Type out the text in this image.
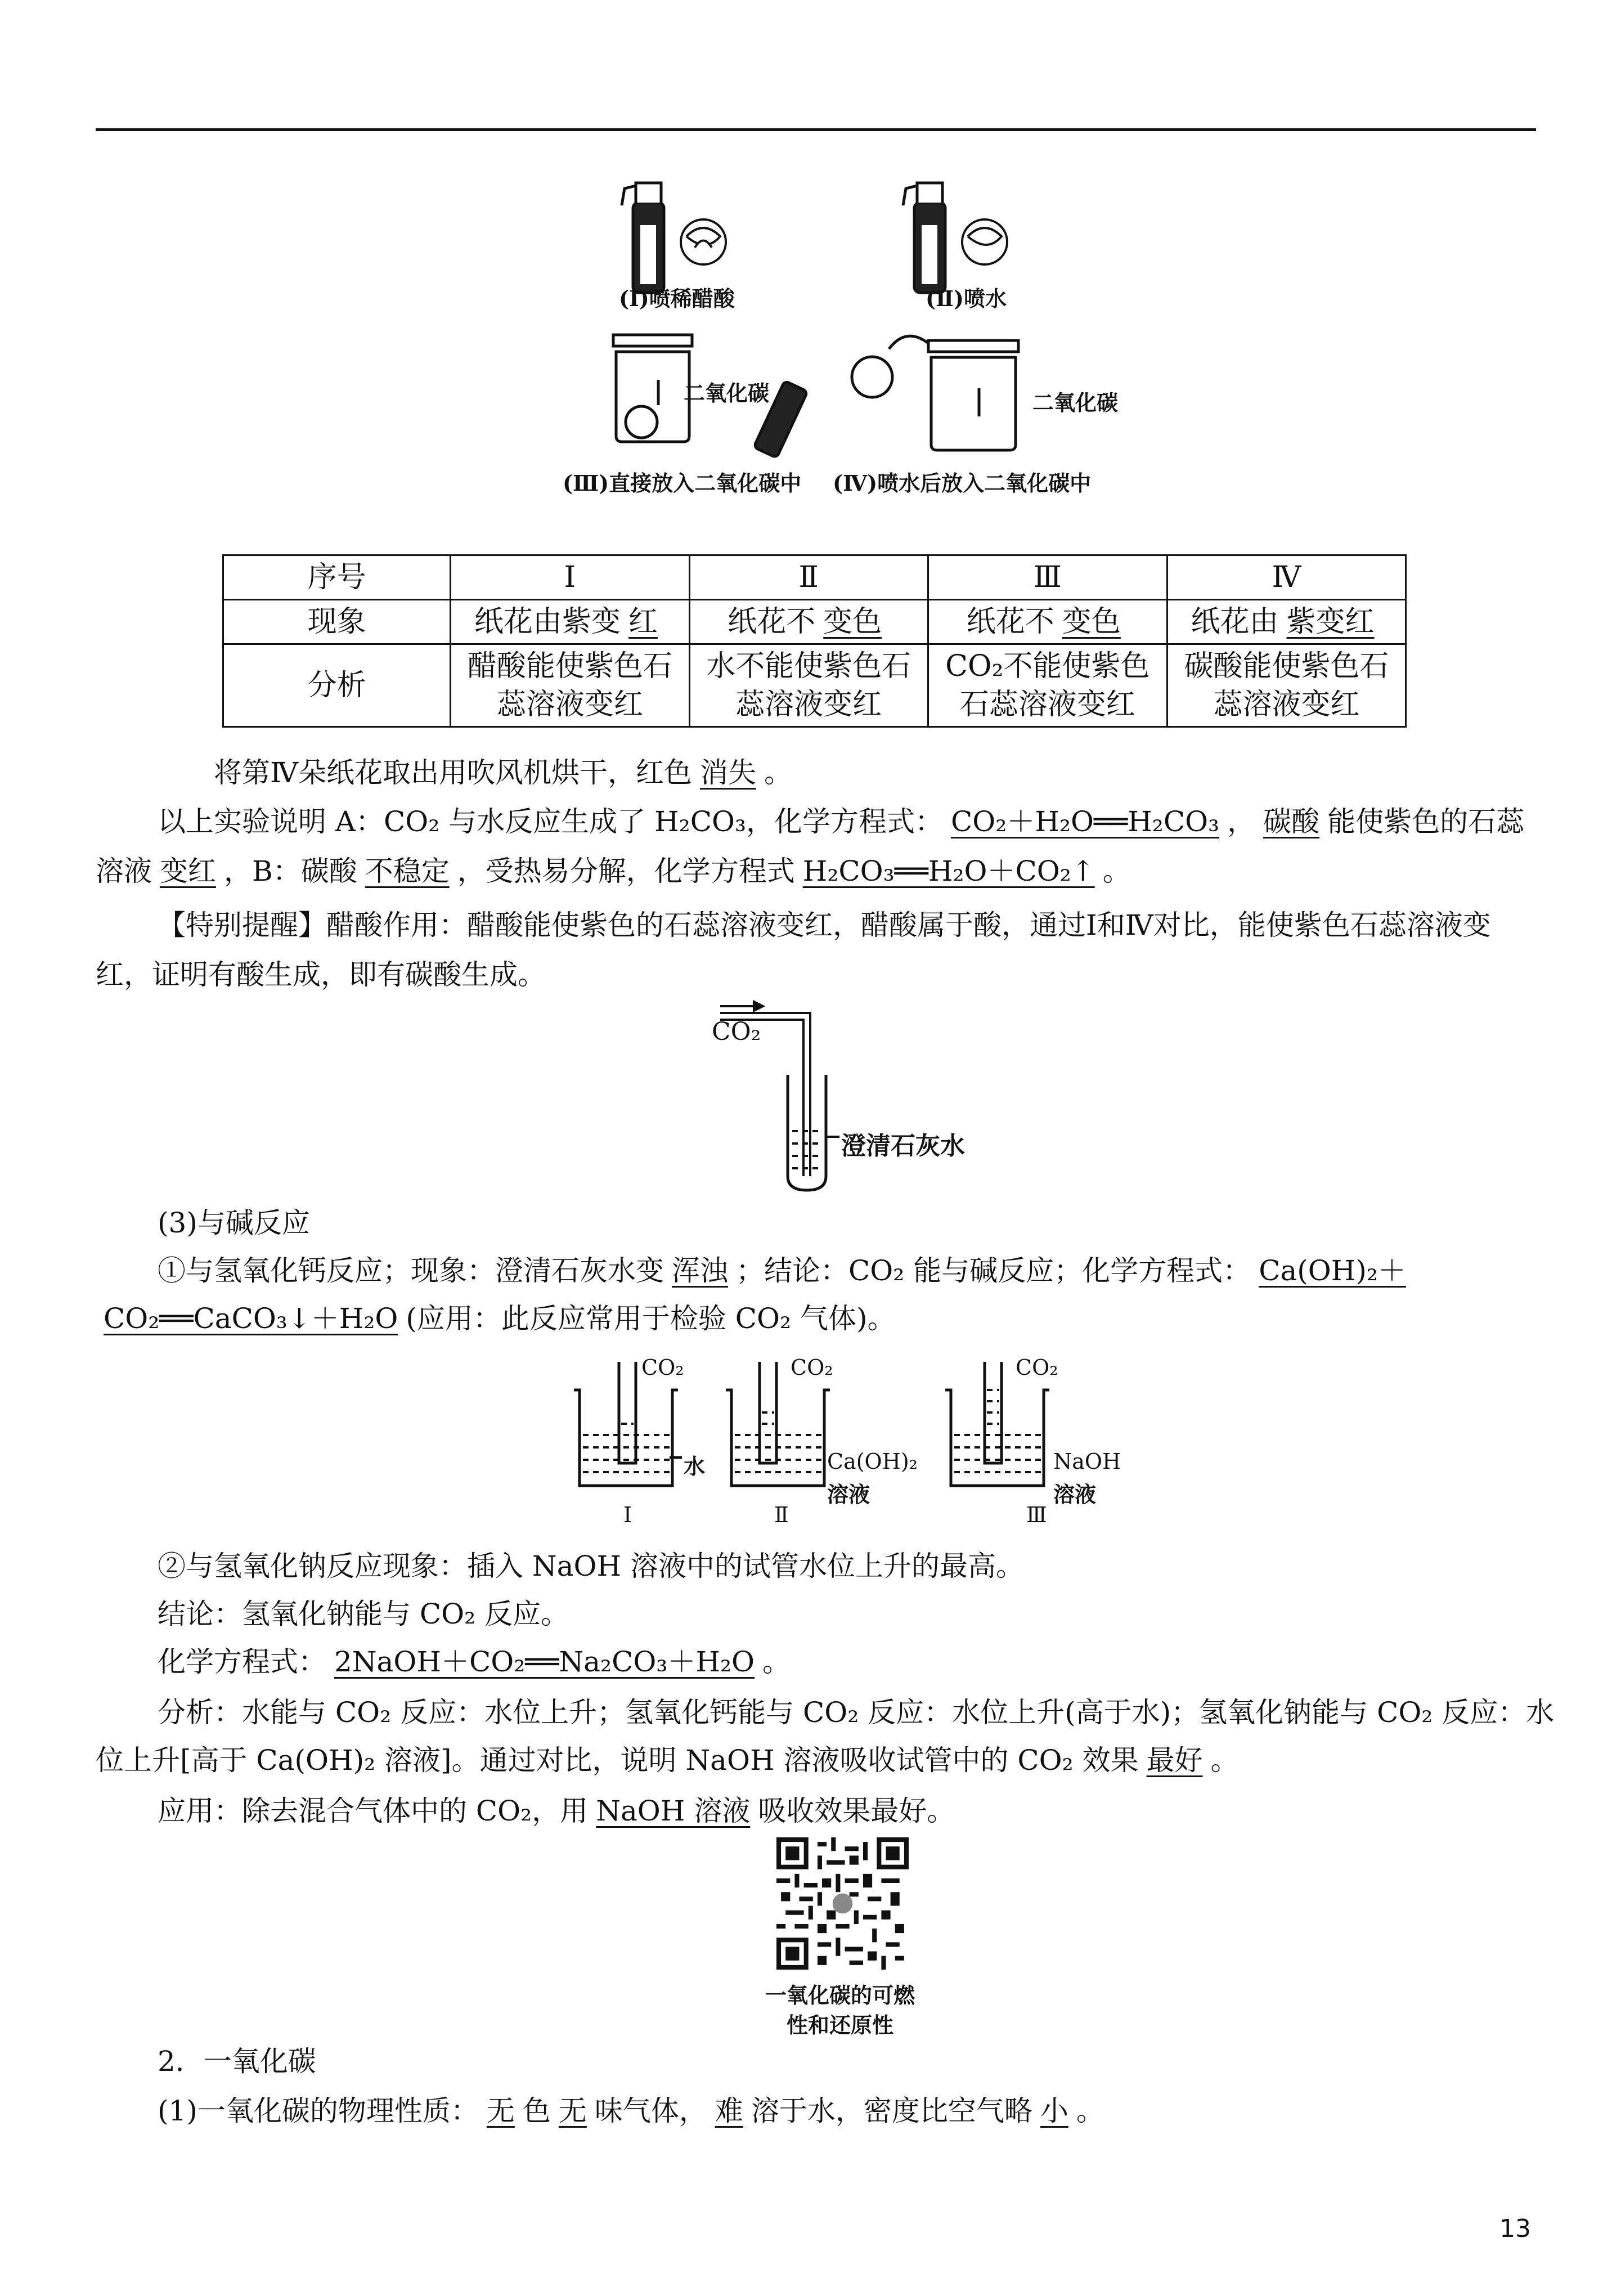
(Ⅰ)喷稀醋酸	(Ⅱ)喷水
二氧化碳	二氧化碳
(Ⅲ)直接放入二氧化碳中 (Ⅳ)喷水后放入二氧化碳中
序号	Ⅰ	Ⅱ	Ⅲ	Ⅳ
现象	纸花由紫变 红	纸花不 变色	纸花不 变色	纸花由 紫变红
分析	醋酸能使紫色石蕊溶液变红	水不能使紫色石蕊溶液变红	CO₂不能使紫色石蕊溶液变红	碳酸能使紫色石蕊溶液变红
将第Ⅳ朵纸花取出用吹风机烘干，红色 消失 。
以上实验说明 A：CO₂ 与水反应生成了 H₂CO₃，化学方程式： CO₂＋H₂O══H₂CO₃ ， 碳酸 能使紫色的石蕊
溶液 变红 ，B：碳酸 不稳定 ，受热易分解，化学方程式 H₂CO₃══H₂O＋CO₂↑ 。
【特别提醒】醋酸作用：醋酸能使紫色的石蕊溶液变红，醋酸属于酸，通过Ⅰ和Ⅳ对比，能使紫色石蕊溶液变红，证明有酸生成，即有碳酸生成。
CO₂
澄清石灰水
(3)与碱反应
①与氢氧化钙反应；现象：澄清石灰水变 浑浊 ；结论：CO₂ 能与碱反应；化学方程式： Ca(OH)₂＋
CO₂══CaCO₃↓＋H₂O (应用：此反应常用于检验 CO₂ 气体)。
CO₂	CO₂	CO₂
水	Ca(OH)₂
溶液
NaOH
溶液
Ⅰ	Ⅱ	Ⅲ
②与氢氧化钠反应现象：插入 NaOH 溶液中的试管水位上升的最高。
结论：氢氧化钠能与 CO₂ 反应。
化学方程式： 2NaOH＋CO₂══Na₂CO₃＋H₂O 。
分析：水能与 CO₂ 反应：水位上升；氢氧化钙能与 CO₂ 反应：水位上升(高于水)；氢氧化钠能与 CO₂ 反应：水
位上升[高于 Ca(OH)₂ 溶液]。通过对比，说明 NaOH 溶液吸收试管中的 CO₂ 效果 最好 。
应用：除去混合气体中的 CO₂，用 NaOH 溶液 吸收效果最好。
一氧化碳的可燃
性和还原性
2．一氧化碳
(1)一氧化碳的物理性质： 无 色 无 味气体， 难 溶于水，密度比空气略 小 。
13
